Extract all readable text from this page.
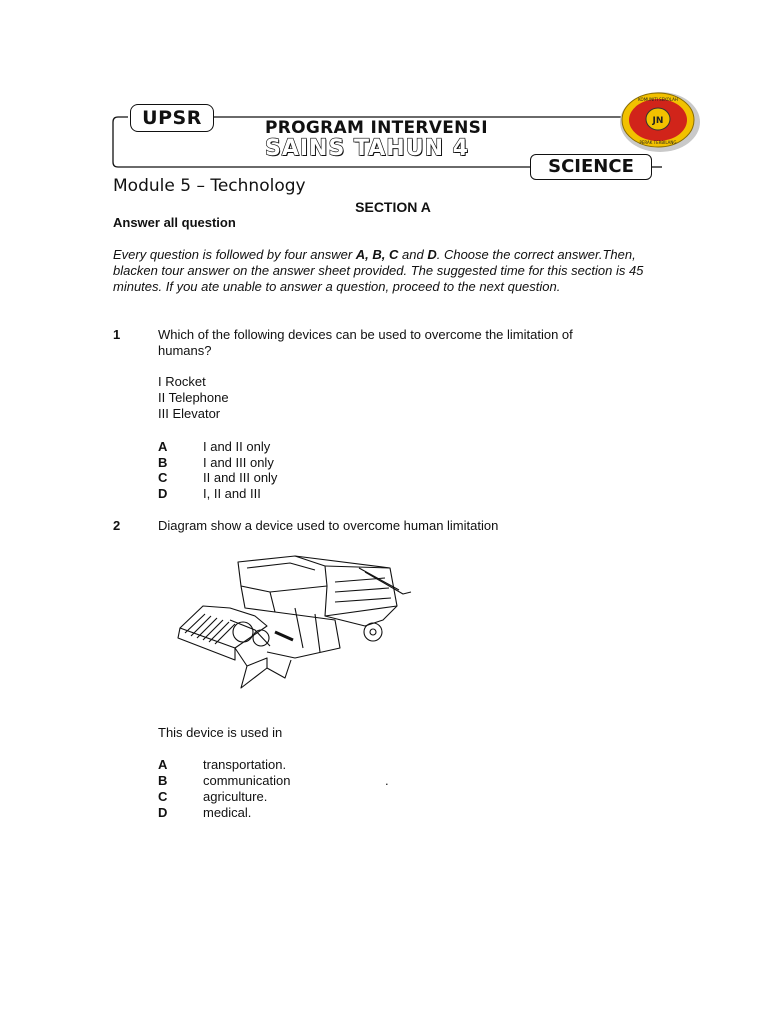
UPSR	PROGRAM INTERVENSI
SAINS TAHUN 4
SCIENCE
JN
KOMUNITI SEKOLAH
PERAK TERBILANG
Module 5 – Technology
SECTION A
Answer all question
Every question is followed by four answer A, B, C and D. Choose the correct answer.Then, blacken tour answer on the answer sheet provided. The suggested time for this section is 45 minutes. If you ate unable to answer a question, proceed to the next question.
1	Which of the following devices can be used to overcome the limitation of humans?
I Rocket
II Telephone
III Elevator
A	I and II only
B	I and III only
C	II and III only
D	I, II and III
2	Diagram show a device used to overcome human limitation
This device is used in
A	transportation.
B	communication	.
C	agriculture.
D	medical.
